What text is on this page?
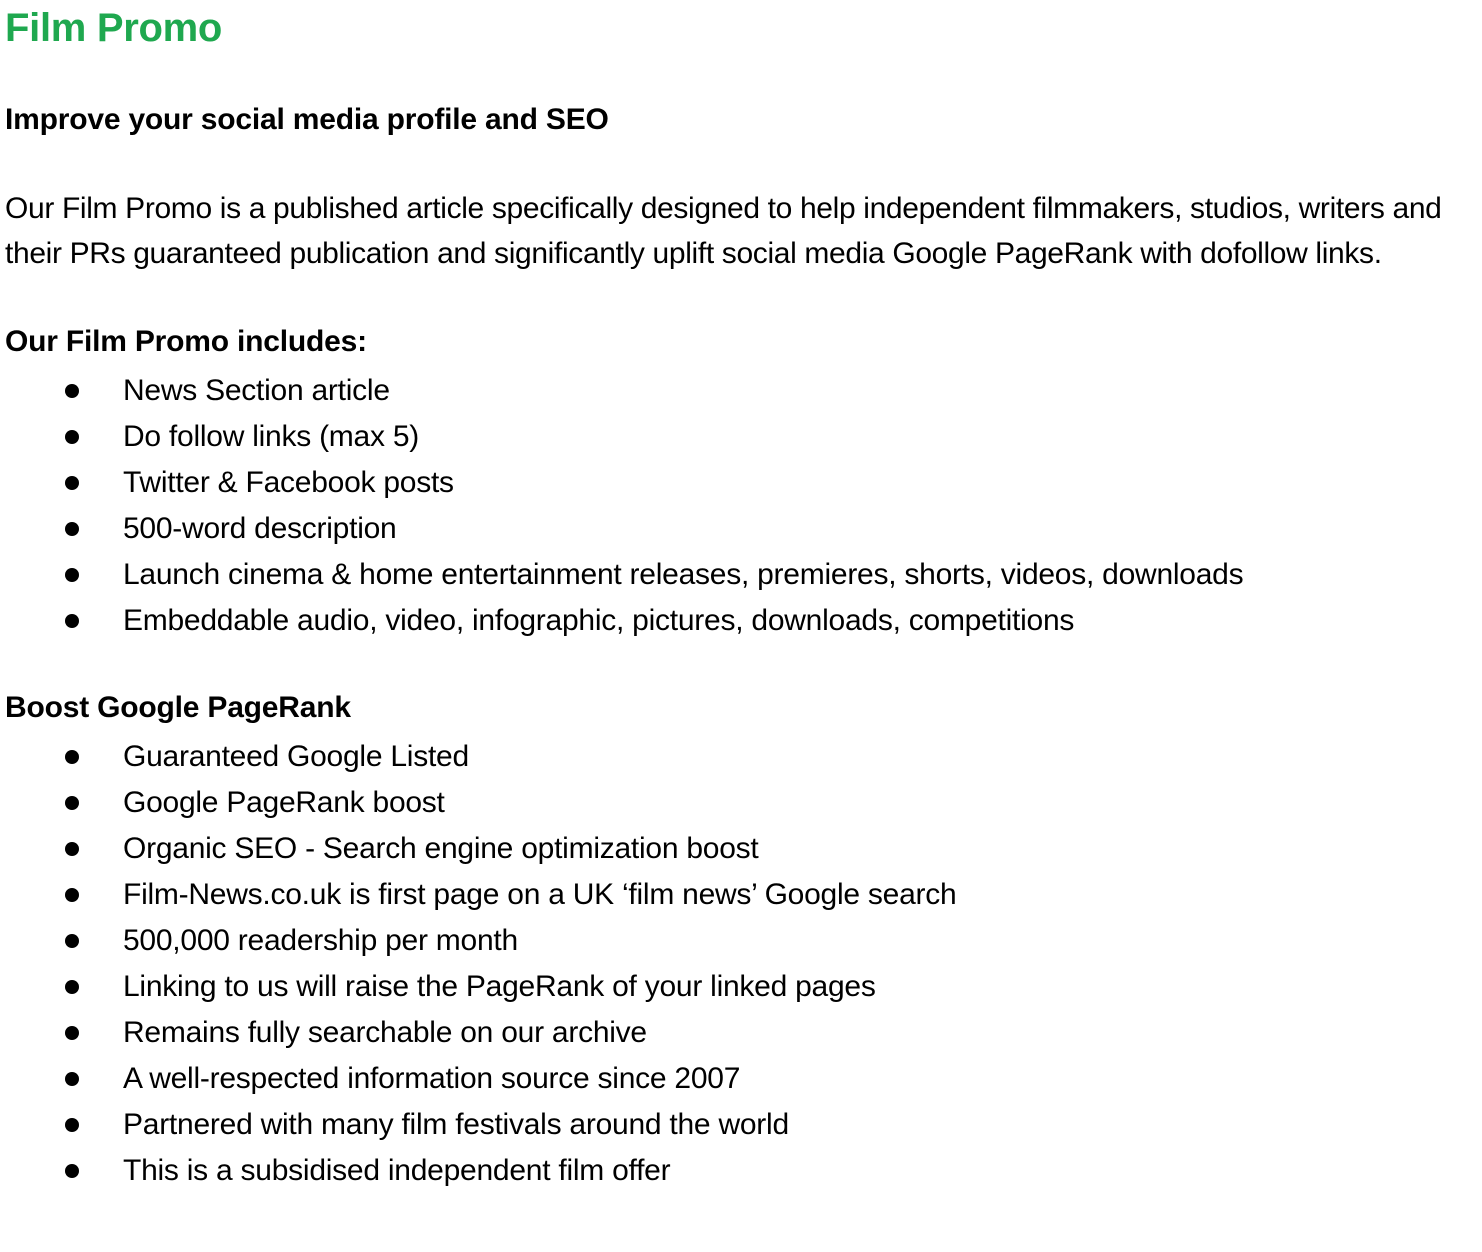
Film Promo
Improve your social media profile and SEO

Our Film Promo is a published article specifically designed to help independent filmmakers, studios, writers and their PRs guaranteed publication and significantly uplift social media Google PageRank with dofollow links.

Our Film Promo includes:
News Section article
Do follow links (max 5)
Twitter & Facebook posts
500-word description
Launch cinema & home entertainment releases, premieres, shorts, videos, downloads
Embeddable audio, video, infographic, pictures, downloads, competitions
Boost Google PageRank
Guaranteed Google Listed
Google PageRank boost
Organic SEO - Search engine optimization boost
Film-News.co.uk is first page on a UK ‘film news’ Google search
500,000 readership per month
Linking to us will raise the PageRank of your linked pages
Remains fully searchable on our archive
A well-respected information source since 2007
Partnered with many film festivals around the world
This is a subsidised independent film offer
